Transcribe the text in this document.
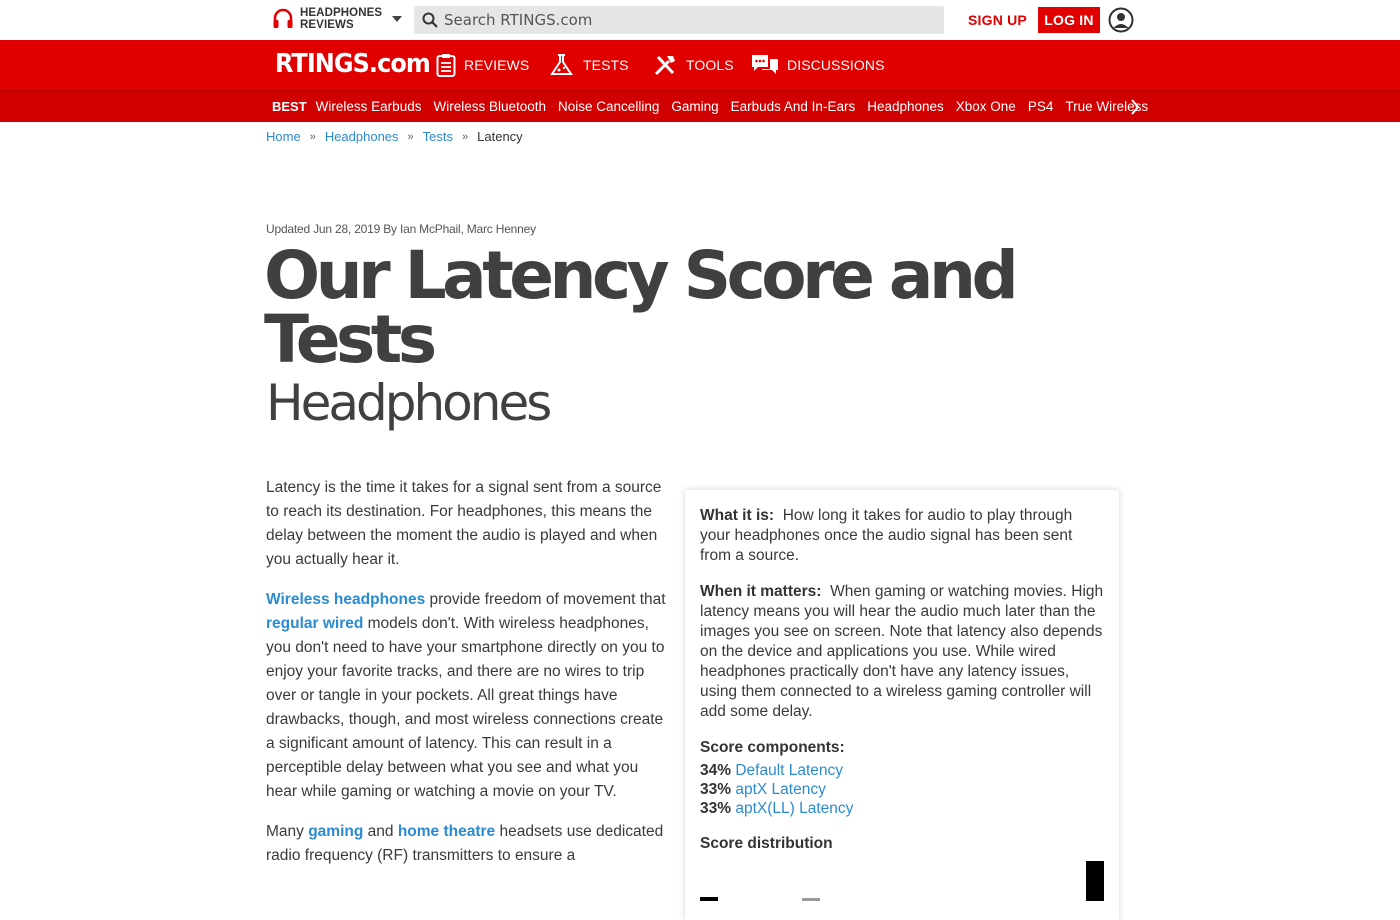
HEADPHONES
REVIEWS
Search RTINGS.com	SIGN UP	LOG IN
RTINGS.com REVIEWS	TESTS	TOOLS	DISCUSSIONS
BEST Wireless Earbuds Wireless Bluetooth Noise Cancelling Gaming Earbuds And In-Ears Headphones Xbox One PS4 True Wireless
Home » Headphones » Tests » Latency
Updated Jun 28, 2019 By Ian McPhail, Marc Henney
Our Latency Score and Tests
Headphones

Latency is the time it takes for a signal sent from a source to reach its destination. For headphones, this means the delay between the moment the audio is played and when you actually hear it.

Wireless headphones provide freedom of movement that regular wired models don't. With wireless headphones, you don't need to have your smartphone directly on you to enjoy your favorite tracks, and there are no wires to trip over or tangle in your pockets. All great things have drawbacks, though, and most wireless connections create a significant amount of latency. This can result in a perceptible delay between what you see and what you hear while gaming or watching a movie on your TV.

Many gaming and home theatre headsets use dedicated radio frequency (RF) transmitters to ensure a

What it is: How long it takes for audio to play through your headphones once the audio signal has been sent from a source.
When it matters: When gaming or watching movies. High latency means you will hear the audio much later than the images you see on screen. Note that latency also depends on the device and applications you use. While wired headphones practically don't have any latency issues, using them connected to a wireless gaming controller will add some delay.
Score components:
34% Default Latency
33% aptX Latency
33% aptX(LL) Latency
Score distribution
